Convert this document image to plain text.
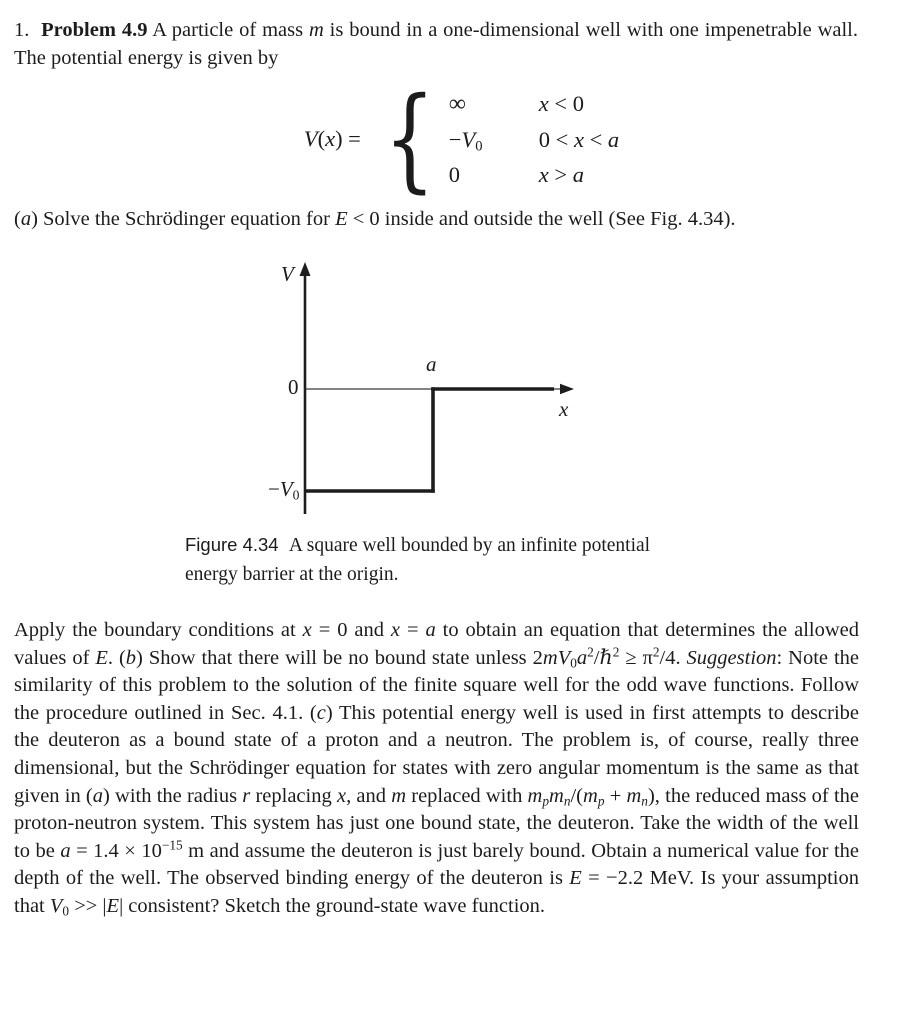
1.  Problem 4.9 A particle of mass m is bound in a one-dimensional well with one impenetrable wall. The potential energy is given by
V(x) = { ∞	x < 0
$-V_0$	0 < x < a
0	x > a
(a) Solve the Schrödinger equation for E < 0 inside and outside the well (See Fig. 4.34).
V
0
a
x
$-V_0$
Figure 4.34  A square well bounded by an infinite potential energy barrier at the origin.
Apply the boundary conditions at x = 0 and x = a to obtain an equation that determines the allowed values of E. (b) Show that there will be no bound state unless $2mV_0a^2/\hbar^2 \ge \pi^2/4$. Suggestion: Note the similarity of this problem to the solution of the finite square well for the odd wave functions. Follow the procedure outlined in Sec. 4.1. (c) This potential energy well is used in first attempts to describe the deuteron as a bound state of a proton and a neutron. The problem is, of course, really three dimensional, but the Schrödinger equation for states with zero angular momentum is the same as that given in (a) with the radius r replacing x, and m replaced with $m_pm_n/(m_p + m_n)$, the reduced mass of the proton-neutron system. This system has just one bound state, the deuteron. Take the width of the well to be $a = 1.4 \times 10^{-15}$ m and assume the deuteron is just barely bound. Obtain a numerical value for the depth of the well. The observed binding energy of the deuteron is E = −2.2 MeV. Is your assumption that $V_0 >> |E|$ consistent? Sketch the ground-state wave function.
